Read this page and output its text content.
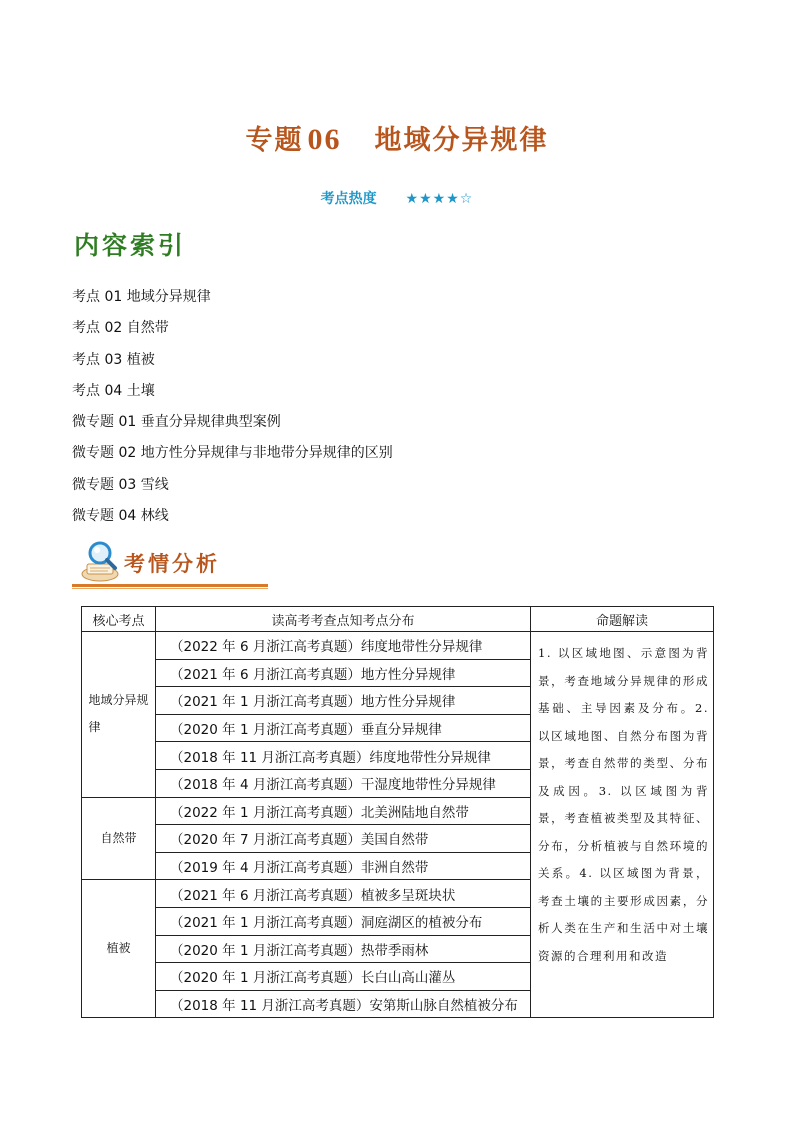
专题 06　 地域分异规律
考点热度 ★★★★☆
内容索引
考点 01 地域分异规律
考点 02 自然带
考点 03 植被
考点 04 土壤
微专题 01 垂直分异规律典型案例
微专题 02 地方性分异规律与非地带分异规律的区别
微专题 03 雪线
微专题 04 林线
考情分析
核心考点	读高考考查点知考点分布	命题解读
地域分异规律	（2022 年 6 月浙江高考真题）纬度地带性分异规律	1. 以区域地图、示意图为背景，考查地域分异规律的形成基础、主导因素及分布。2. 以区域地图、自然分布图为背景，考查自然带的类型、分布及成因。3. 以区域图为背景，考查植被类型及其特征、分布，分析植被与自然环境的关系。4. 以区域图为背景，考查土壤的主要形成因素，分析人类在生产和生活中对土壤资源的合理利用和改造
	（2021 年 6 月浙江高考真题）地方性分异规律	
	（2021 年 1 月浙江高考真题）地方性分异规律	
	（2020 年 1 月浙江高考真题）垂直分异规律	
	（2018 年 11 月浙江高考真题）纬度地带性分异规律	
	（2018 年 4 月浙江高考真题）干湿度地带性分异规律	
自然带	（2022 年 1 月浙江高考真题）北美洲陆地自然带	
	（2020 年 7 月浙江高考真题）美国自然带	
	（2019 年 4 月浙江高考真题）非洲自然带	
植被	（2021 年 6 月浙江高考真题）植被多呈斑块状	
	（2021 年 1 月浙江高考真题）洞庭湖区的植被分布	
	（2020 年 1 月浙江高考真题）热带季雨林	
	（2020 年 1 月浙江高考真题）长白山高山灌丛	
	（2018 年 11 月浙江高考真题）安第斯山脉自然植被分布	
